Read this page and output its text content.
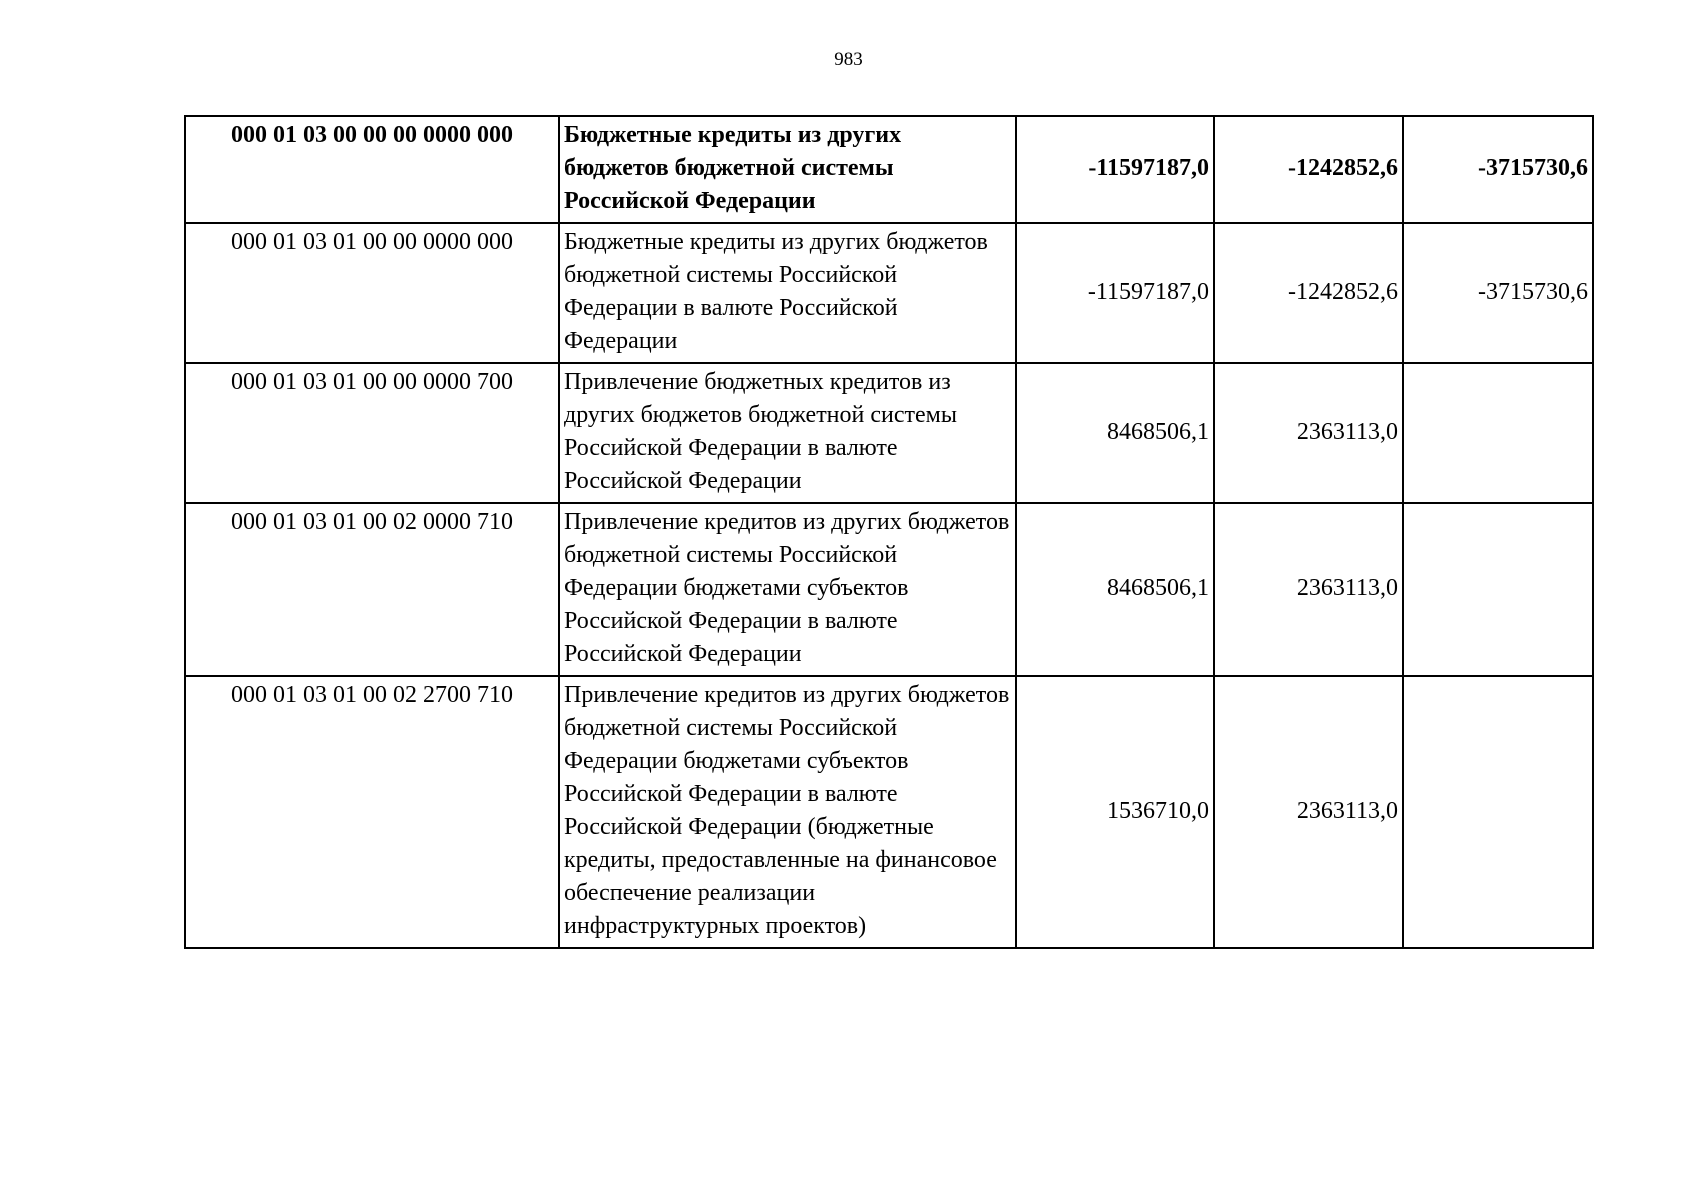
983
000 01 03 00 00 00 0000 000	Бюджетные кредиты из других бюджетов бюджетной системы Российской Федерации	-11597187,0	-1242852,6	-3715730,6
000 01 03 01 00 00 0000 000	Бюджетные кредиты из других бюджетов бюджетной системы Российской Федерации в валюте Российской Федерации	-11597187,0	-1242852,6	-3715730,6
000 01 03 01 00 00 0000 700	Привлечение бюджетных кредитов из других бюджетов бюджетной системы Российской Федерации в валюте Российской Федерации	8468506,1	2363113,0	
000 01 03 01 00 02 0000 710	Привлечение кредитов из других бюджетов бюджетной системы Российской Федерации бюджетами субъектов Российской Федерации в валюте Российской Федерации	8468506,1	2363113,0	
000 01 03 01 00 02 2700 710	Привлечение кредитов из других бюджетов бюджетной системы Российской Федерации бюджетами субъектов Российской Федерации в валюте Российской Федерации (бюджетные кредиты, предоставленные на финансовое обеспечение реализации инфраструктурных проектов)	1536710,0	2363113,0	
